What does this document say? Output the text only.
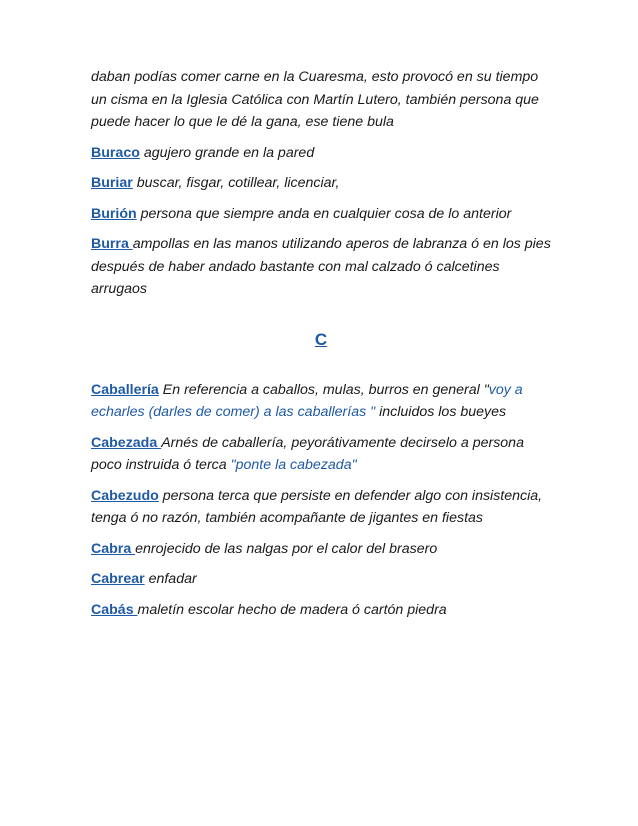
daban podías comer carne en la Cuaresma, esto provocó en su tiempo un cisma en la Iglesia Católica con Martín Lutero, también persona que puede hacer lo que le dé la gana, ese tiene bula

Buraco agujero grande en la pared

Buriar buscar, fisgar, cotillear, licenciar,

Burión persona que siempre anda en cualquier cosa de lo anterior

Burra ampollas en las manos utilizando aperos de labranza ó en los pies después de haber andado bastante con mal calzado ó calcetines arrugaos

C

Caballería En referencia a caballos, mulas, burros en general "voy a echarles (darles de comer) a las caballerías " incluidos los bueyes

Cabezada Arnés de caballería, peyorátivamente decirselo a persona poco instruida ó terca "ponte la cabezada"

Cabezudo persona terca que persiste en defender algo con insistencia, tenga ó no razón, también acompañante de jigantes en fiestas

Cabra enrojecido de las nalgas por el calor del brasero

Cabrear enfadar

Cabás maletín escolar hecho de madera ó cartón piedra
